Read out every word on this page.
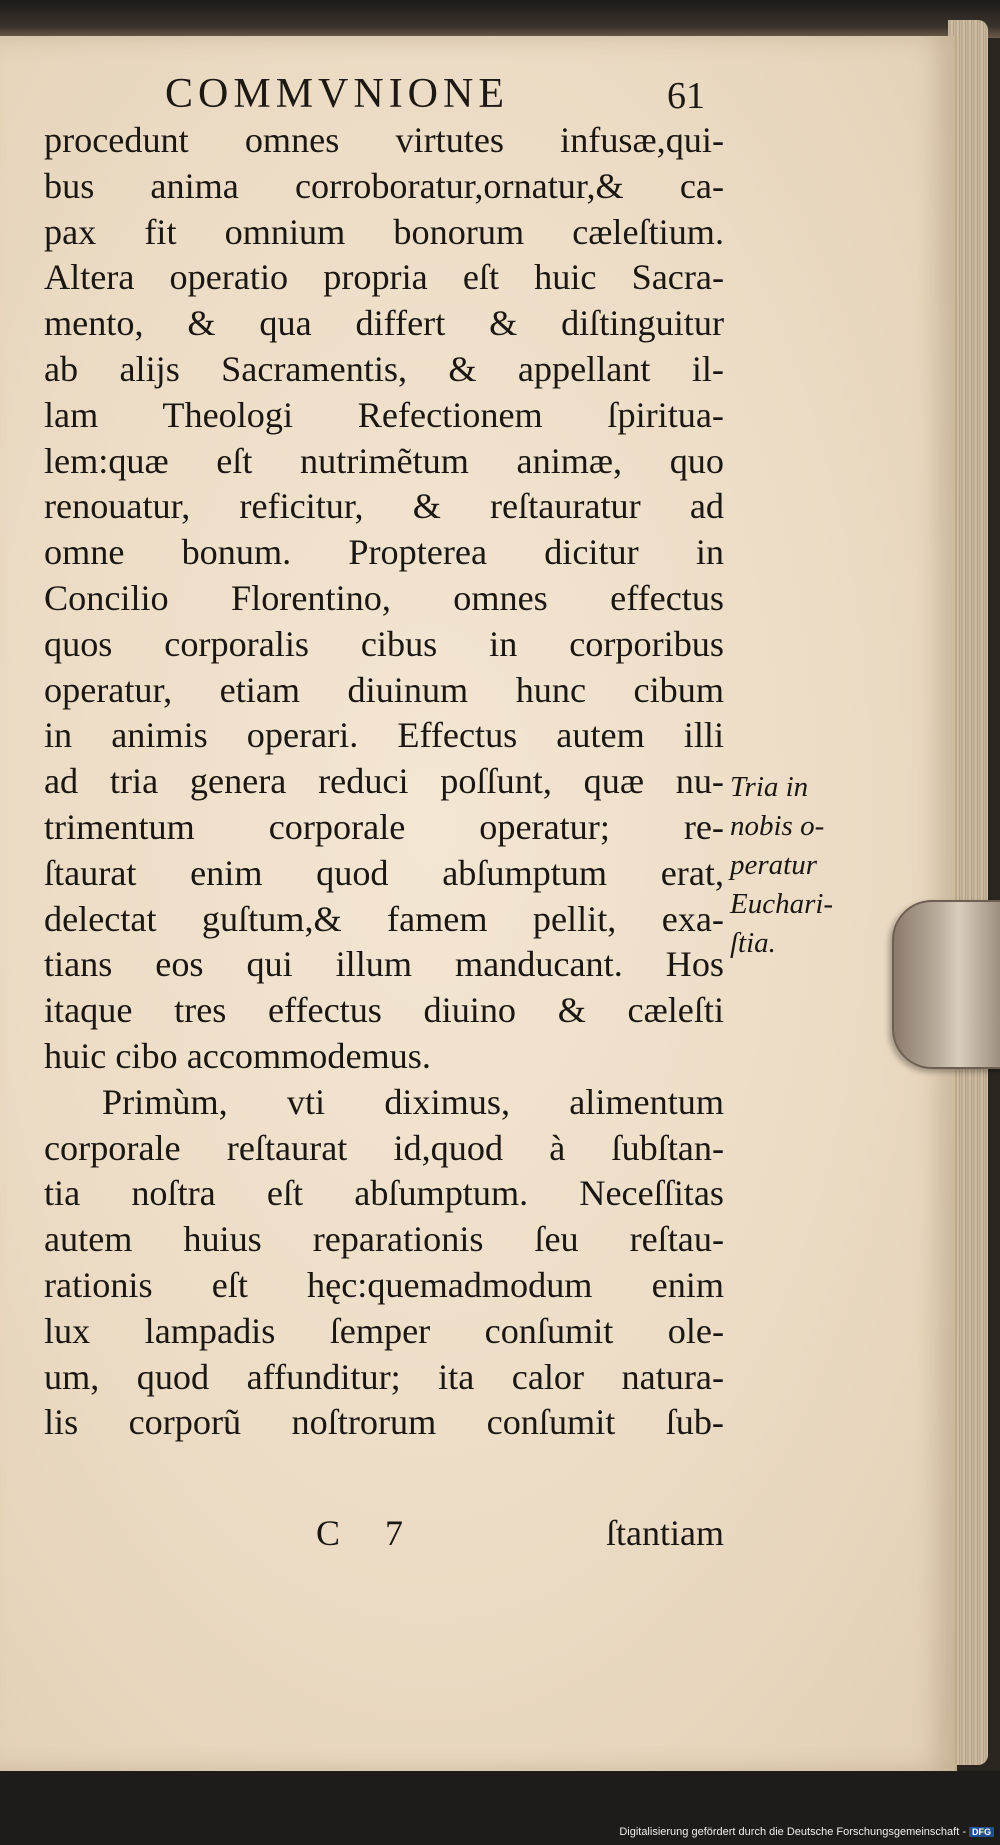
COMMVNIONE	61
procedunt omnes virtutes infusæ,qui-
bus anima corroboratur,ornatur,& ca-
pax fit omnium bonorum cæleſtium.
Altera operatio propria eſt huic Sacra-
mento, & qua differt & diſtinguitur
ab alijs Sacramentis, & appellant il-
lam Theologi Refectionem ſpiritua-
lem:quæ eſt nutrimẽtum animæ, quo
renouatur, reficitur, & reſtauratur ad
omne bonum. Propterea dicitur in
Concilio Florentino, omnes effectus
quos corporalis cibus in corporibus
operatur, etiam diuinum hunc cibum
in animis operari. Effectus autem illi
ad tria genera reduci poſſunt, quæ nu-
trimentum corporale operatur; re-
ſtaurat enim quod abſumptum erat,
delectat guſtum,& famem pellit, exa-
tians eos qui illum manducant. Hos
itaque tres effectus diuino & cæleſti
huic cibo accommodemus.
Primùm, vti diximus, alimentum
corporale reſtaurat id,quod à ſubſtan-
tia noſtra eſt abſumptum. Neceſſitas
autem huius reparationis ſeu reſtau-
rationis eſt hęc:quemadmodum enim
lux lampadis ſemper conſumit ole-
um, quod affunditur; ita calor natura-
lis corporũ noſtrorum conſumit ſub-
Tria in
nobis o-
peratur
Euchari-
ſtia.
C 7	ſtantiam
Digitalisierung gefördert durch die Deutsche Forschungsgemeinschaft - DFG
